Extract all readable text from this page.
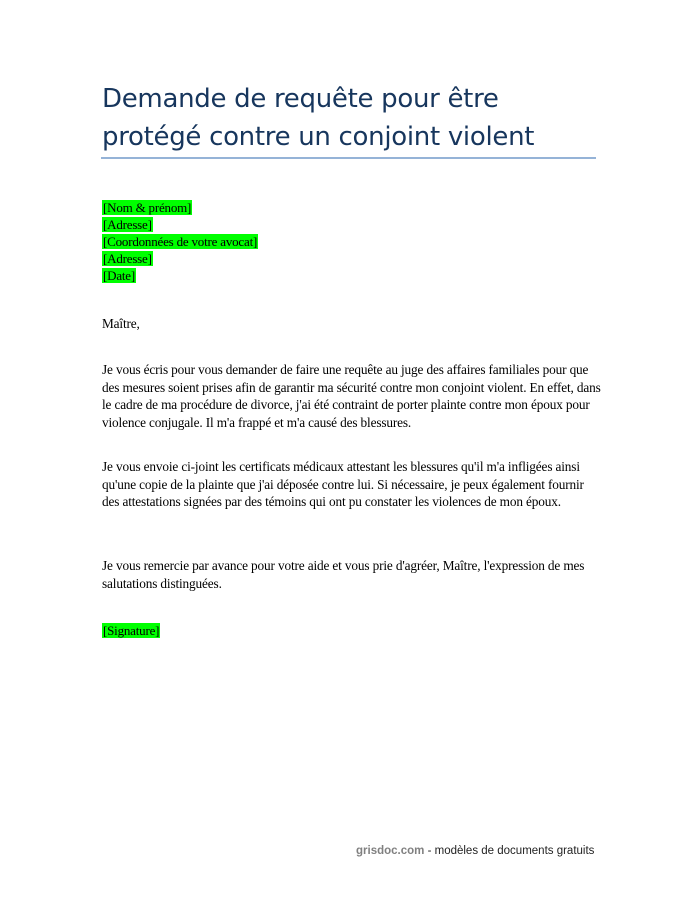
Demande de requête pour être protégé contre un conjoint violent
[Nom & prénom]
[Adresse]
[Coordonnées de votre avocat]
[Adresse]
[Date]

Maître,

Je vous écris pour vous demander de faire une requête au juge des affaires familiales pour que des mesures soient prises afin de garantir ma sécurité contre mon conjoint violent. En effet, dans le cadre de ma procédure de divorce, j'ai été contraint de porter plainte contre mon époux pour violence conjugale. Il m'a frappé et m'a causé des blessures.

Je vous envoie ci-joint les certificats médicaux attestant les blessures qu'il m'a infligées ainsi qu'une copie de la plainte que j'ai déposée contre lui. Si nécessaire, je peux également fournir des attestations signées par des témoins qui ont pu constater les violences de mon époux.

Je vous remercie par avance pour votre aide et vous prie d'agréer, Maître, l'expression de mes salutations distinguées.

[Signature]
grisdoc.com - modèles de documents gratuits
